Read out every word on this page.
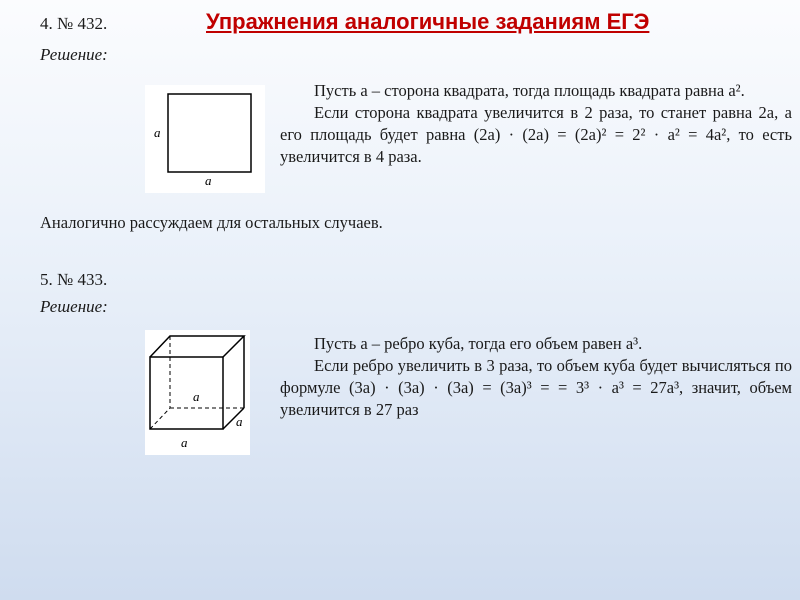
Упражнения аналогичные заданиям ЕГЭ
4. № 432.
Решение:
a
a

Пусть a – сторона квадрата, тогда площадь квадрата равна a².

Если сторона квадрата увеличится в 2 раза, то станет равна 2a, а его площадь будет равна (2a) · (2a) = (2a)² = 2² · a² = 4a², то есть увеличится в 4 раза.

Аналогично рассуждаем для остальных случаев.
5. № 433.
Решение:
a
a
a

Пусть a – ребро куба, тогда его объем равен a³.

Если ребро увеличить в 3 раза, то объем куба будет вычисляться по формуле (3a) · (3a) · (3a) = (3a)³ = = 3³ · a³ = 27a³, значит, объем увеличится в 27 раз
